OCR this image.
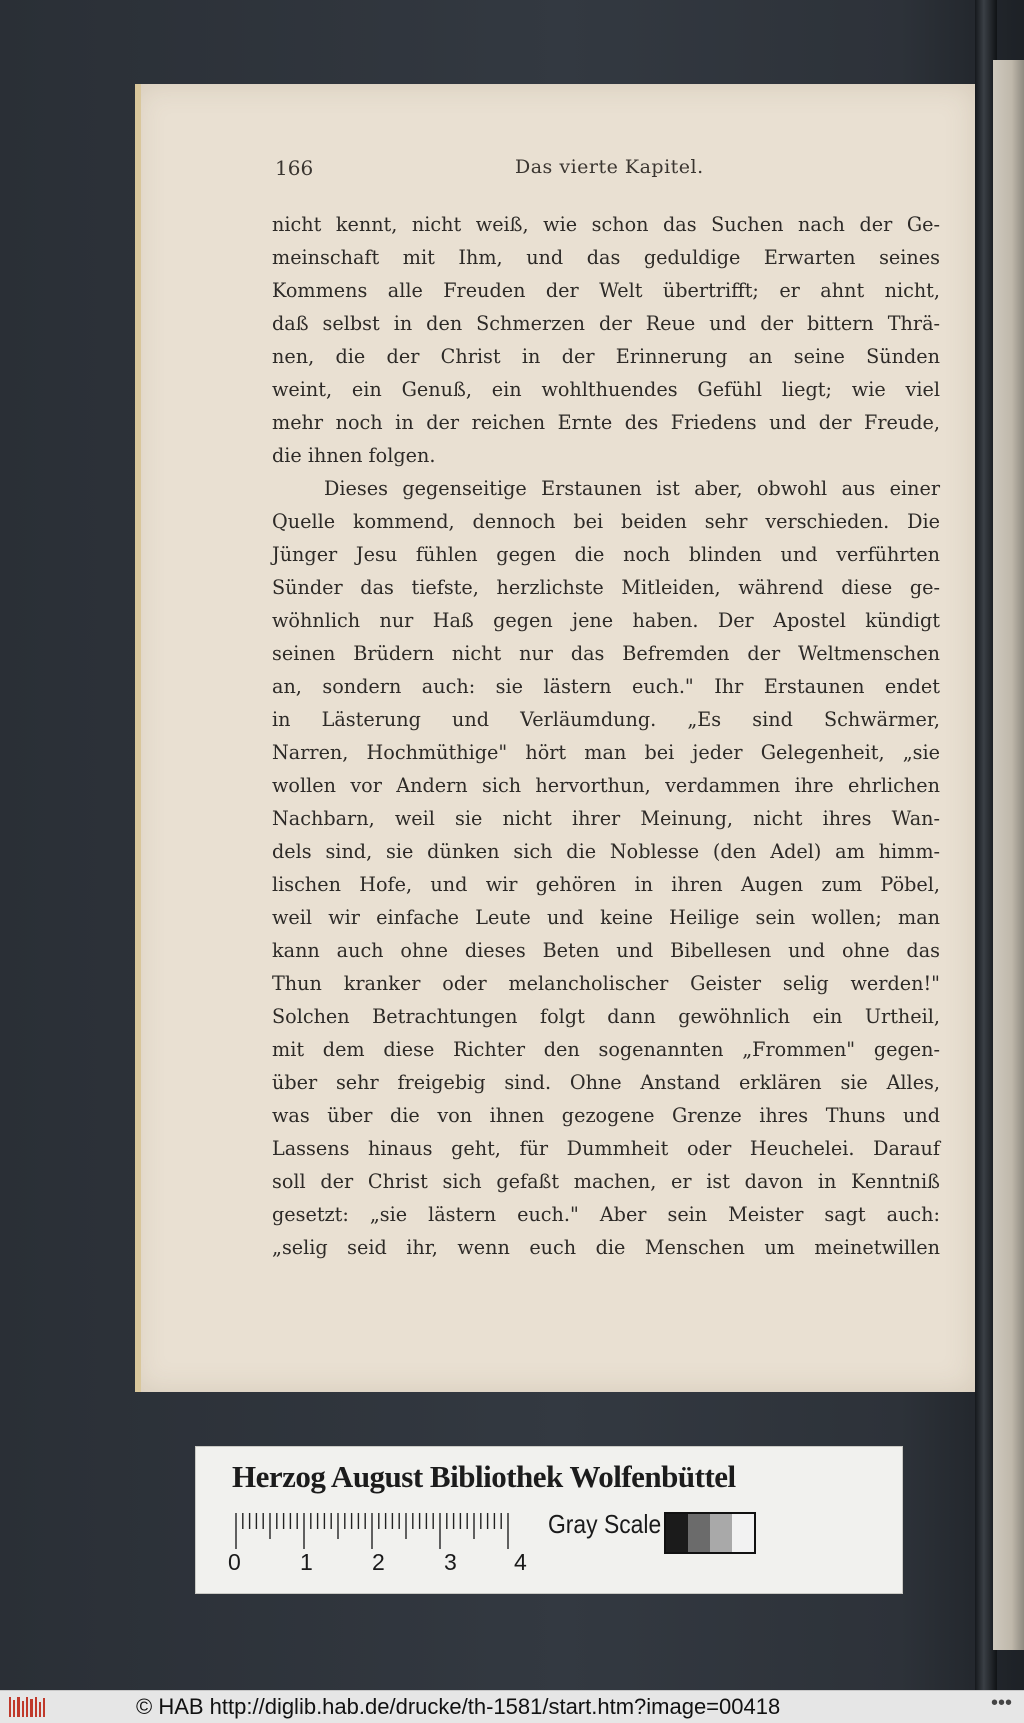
166	Das vierte Kapitel.
nicht kennt, nicht weiß, wie schon das Suchen nach der Ge-
meinschaft mit Ihm, und das geduldige Erwarten seines
Kommens alle Freuden der Welt übertrifft; er ahnt nicht,
daß selbst in den Schmerzen der Reue und der bittern Thrä-
nen, die der Christ in der Erinnerung an seine Sünden
weint, ein Genuß, ein wohlthuendes Gefühl liegt; wie viel
mehr noch in der reichen Ernte des Friedens und der Freude,
die ihnen folgen.
Dieses gegenseitige Erstaunen ist aber, obwohl aus einer
Quelle kommend, dennoch bei beiden sehr verschieden. Die
Jünger Jesu fühlen gegen die noch blinden und verführten
Sünder das tiefste, herzlichste Mitleiden, während diese ge-
wöhnlich nur Haß gegen jene haben. Der Apostel kündigt
seinen Brüdern nicht nur das Befremden der Weltmenschen
an, sondern auch: sie lästern euch." Ihr Erstaunen endet
in Lästerung und Verläumdung. „Es sind Schwärmer,
Narren, Hochmüthige" hört man bei jeder Gelegenheit, „sie
wollen vor Andern sich hervorthun, verdammen ihre ehrlichen
Nachbarn, weil sie nicht ihrer Meinung, nicht ihres Wan-
dels sind, sie dünken sich die Noblesse (den Adel) am himm-
lischen Hofe, und wir gehören in ihren Augen zum Pöbel,
weil wir einfache Leute und keine Heilige sein wollen; man
kann auch ohne dieses Beten und Bibellesen und ohne das
Thun kranker oder melancholischer Geister selig werden!"
Solchen Betrachtungen folgt dann gewöhnlich ein Urtheil,
mit dem diese Richter den sogenannten „Frommen" gegen-
über sehr freigebig sind. Ohne Anstand erklären sie Alles,
was über die von ihnen gezogene Grenze ihres Thuns und
Lassens hinaus geht, für Dummheit oder Heuchelei. Darauf
soll der Christ sich gefaßt machen, er ist davon in Kenntniß
gesetzt: „sie lästern euch." Aber sein Meister sagt auch:
„selig seid ihr, wenn euch die Menschen um meinetwillen
Herzog August Bibliothek Wolfenbüttel
0	1	2	3 4
Gray Scale
© HAB http://diglib.hab.de/drucke/th-1581/start.htm?image=00418	•••
